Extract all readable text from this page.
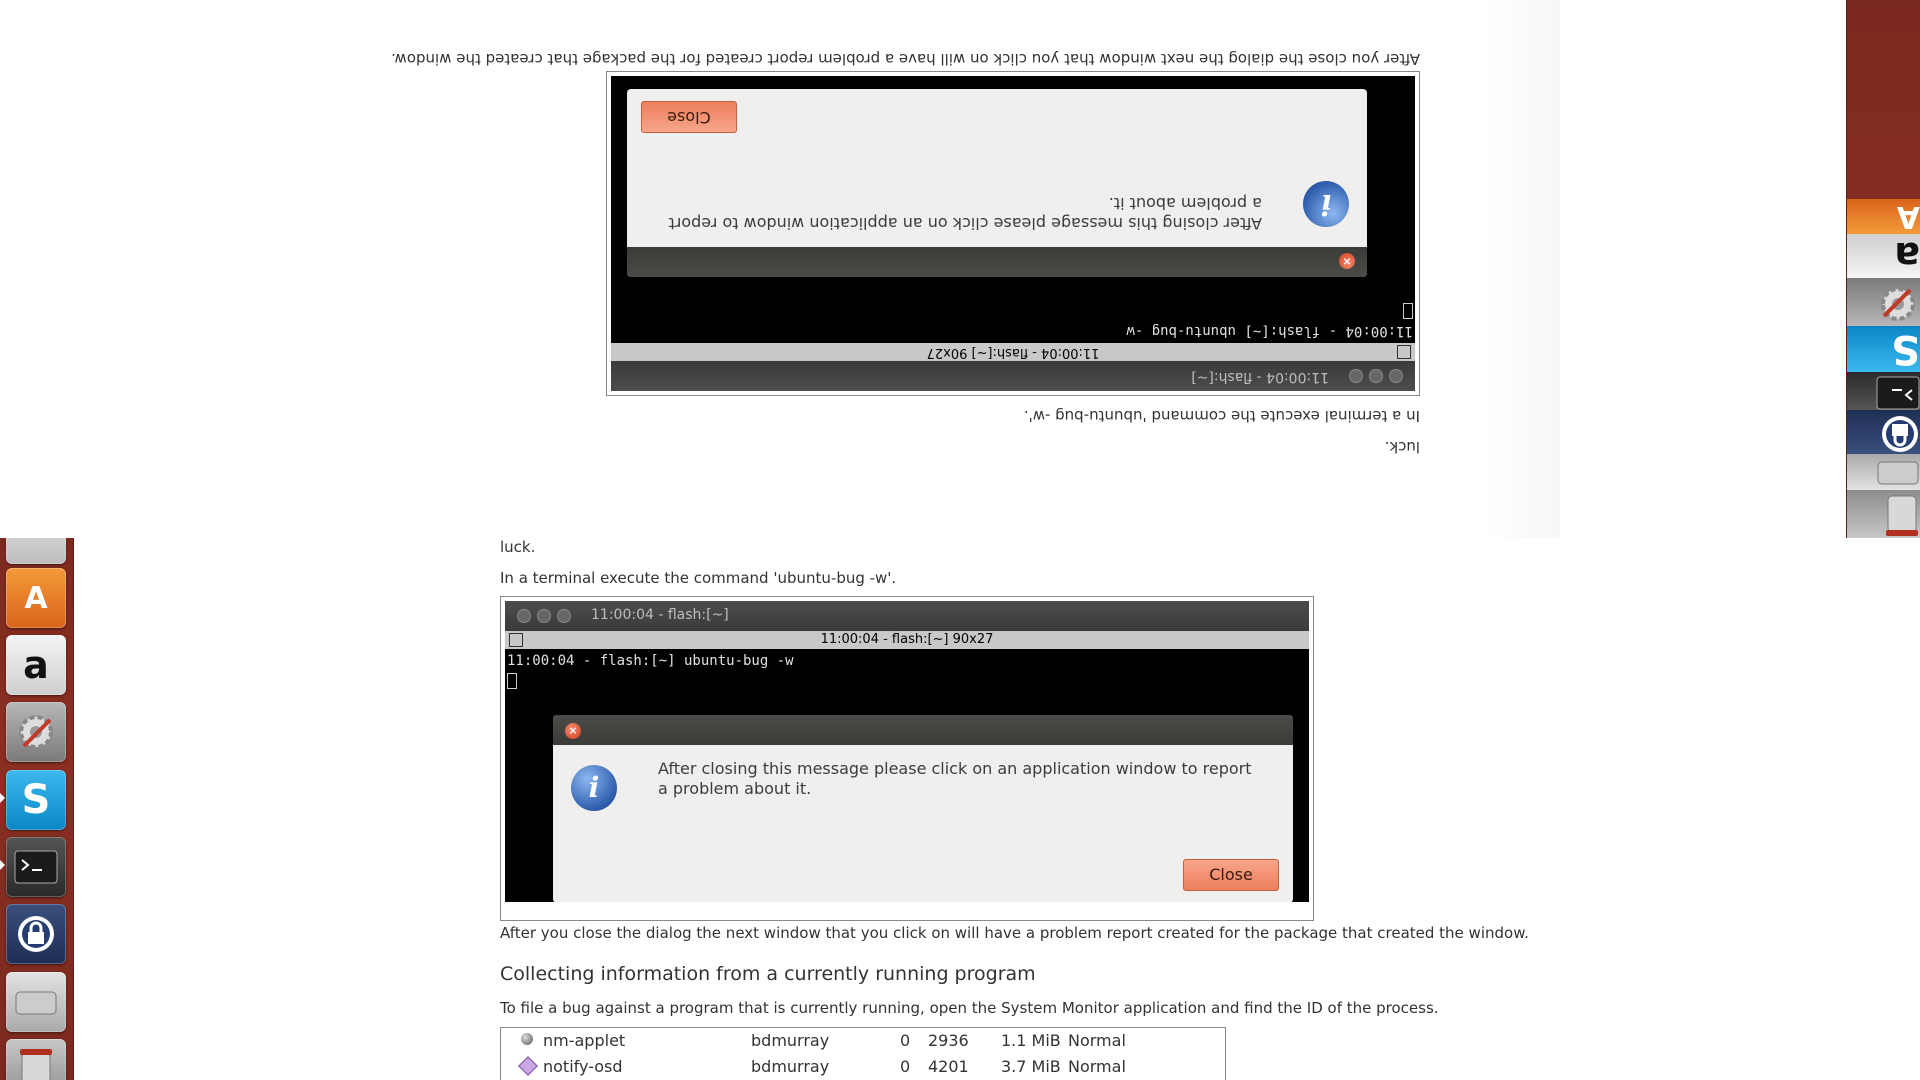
S
a
A

luck.

In a terminal execute the command 'ubuntu-bug -w'.

11:00:04 - flash:[~]
11:00:04 - flash:[~] 90x27
11:00:04 - flash:[~] ubuntu-bug -w
×
i
After closing this message please click on an application window to report a problem about it.
Close

After you close the dialog the next window that you click on will have a problem report created for the package that created the window.

A
a
S

luck.

In a terminal execute the command 'ubuntu-bug -w'.

11:00:04 - flash:[~]
11:00:04 - flash:[~] 90x27
11:00:04 - flash:[~] ubuntu-bug -w
×
i
After closing this message please click on an application window to report a problem about it.
Close

After you close the dialog the next window that you click on will have a problem report created for the package that created the window.

Collecting information from a currently running program

To file a bug against a program that is currently running, open the System Monitor application and find the ID of the process.

nm-applet	bdmurray	0 2936 1.1 MiB Normal
notify-osd	bdmurray	0 4201 3.7 MiB Normal
